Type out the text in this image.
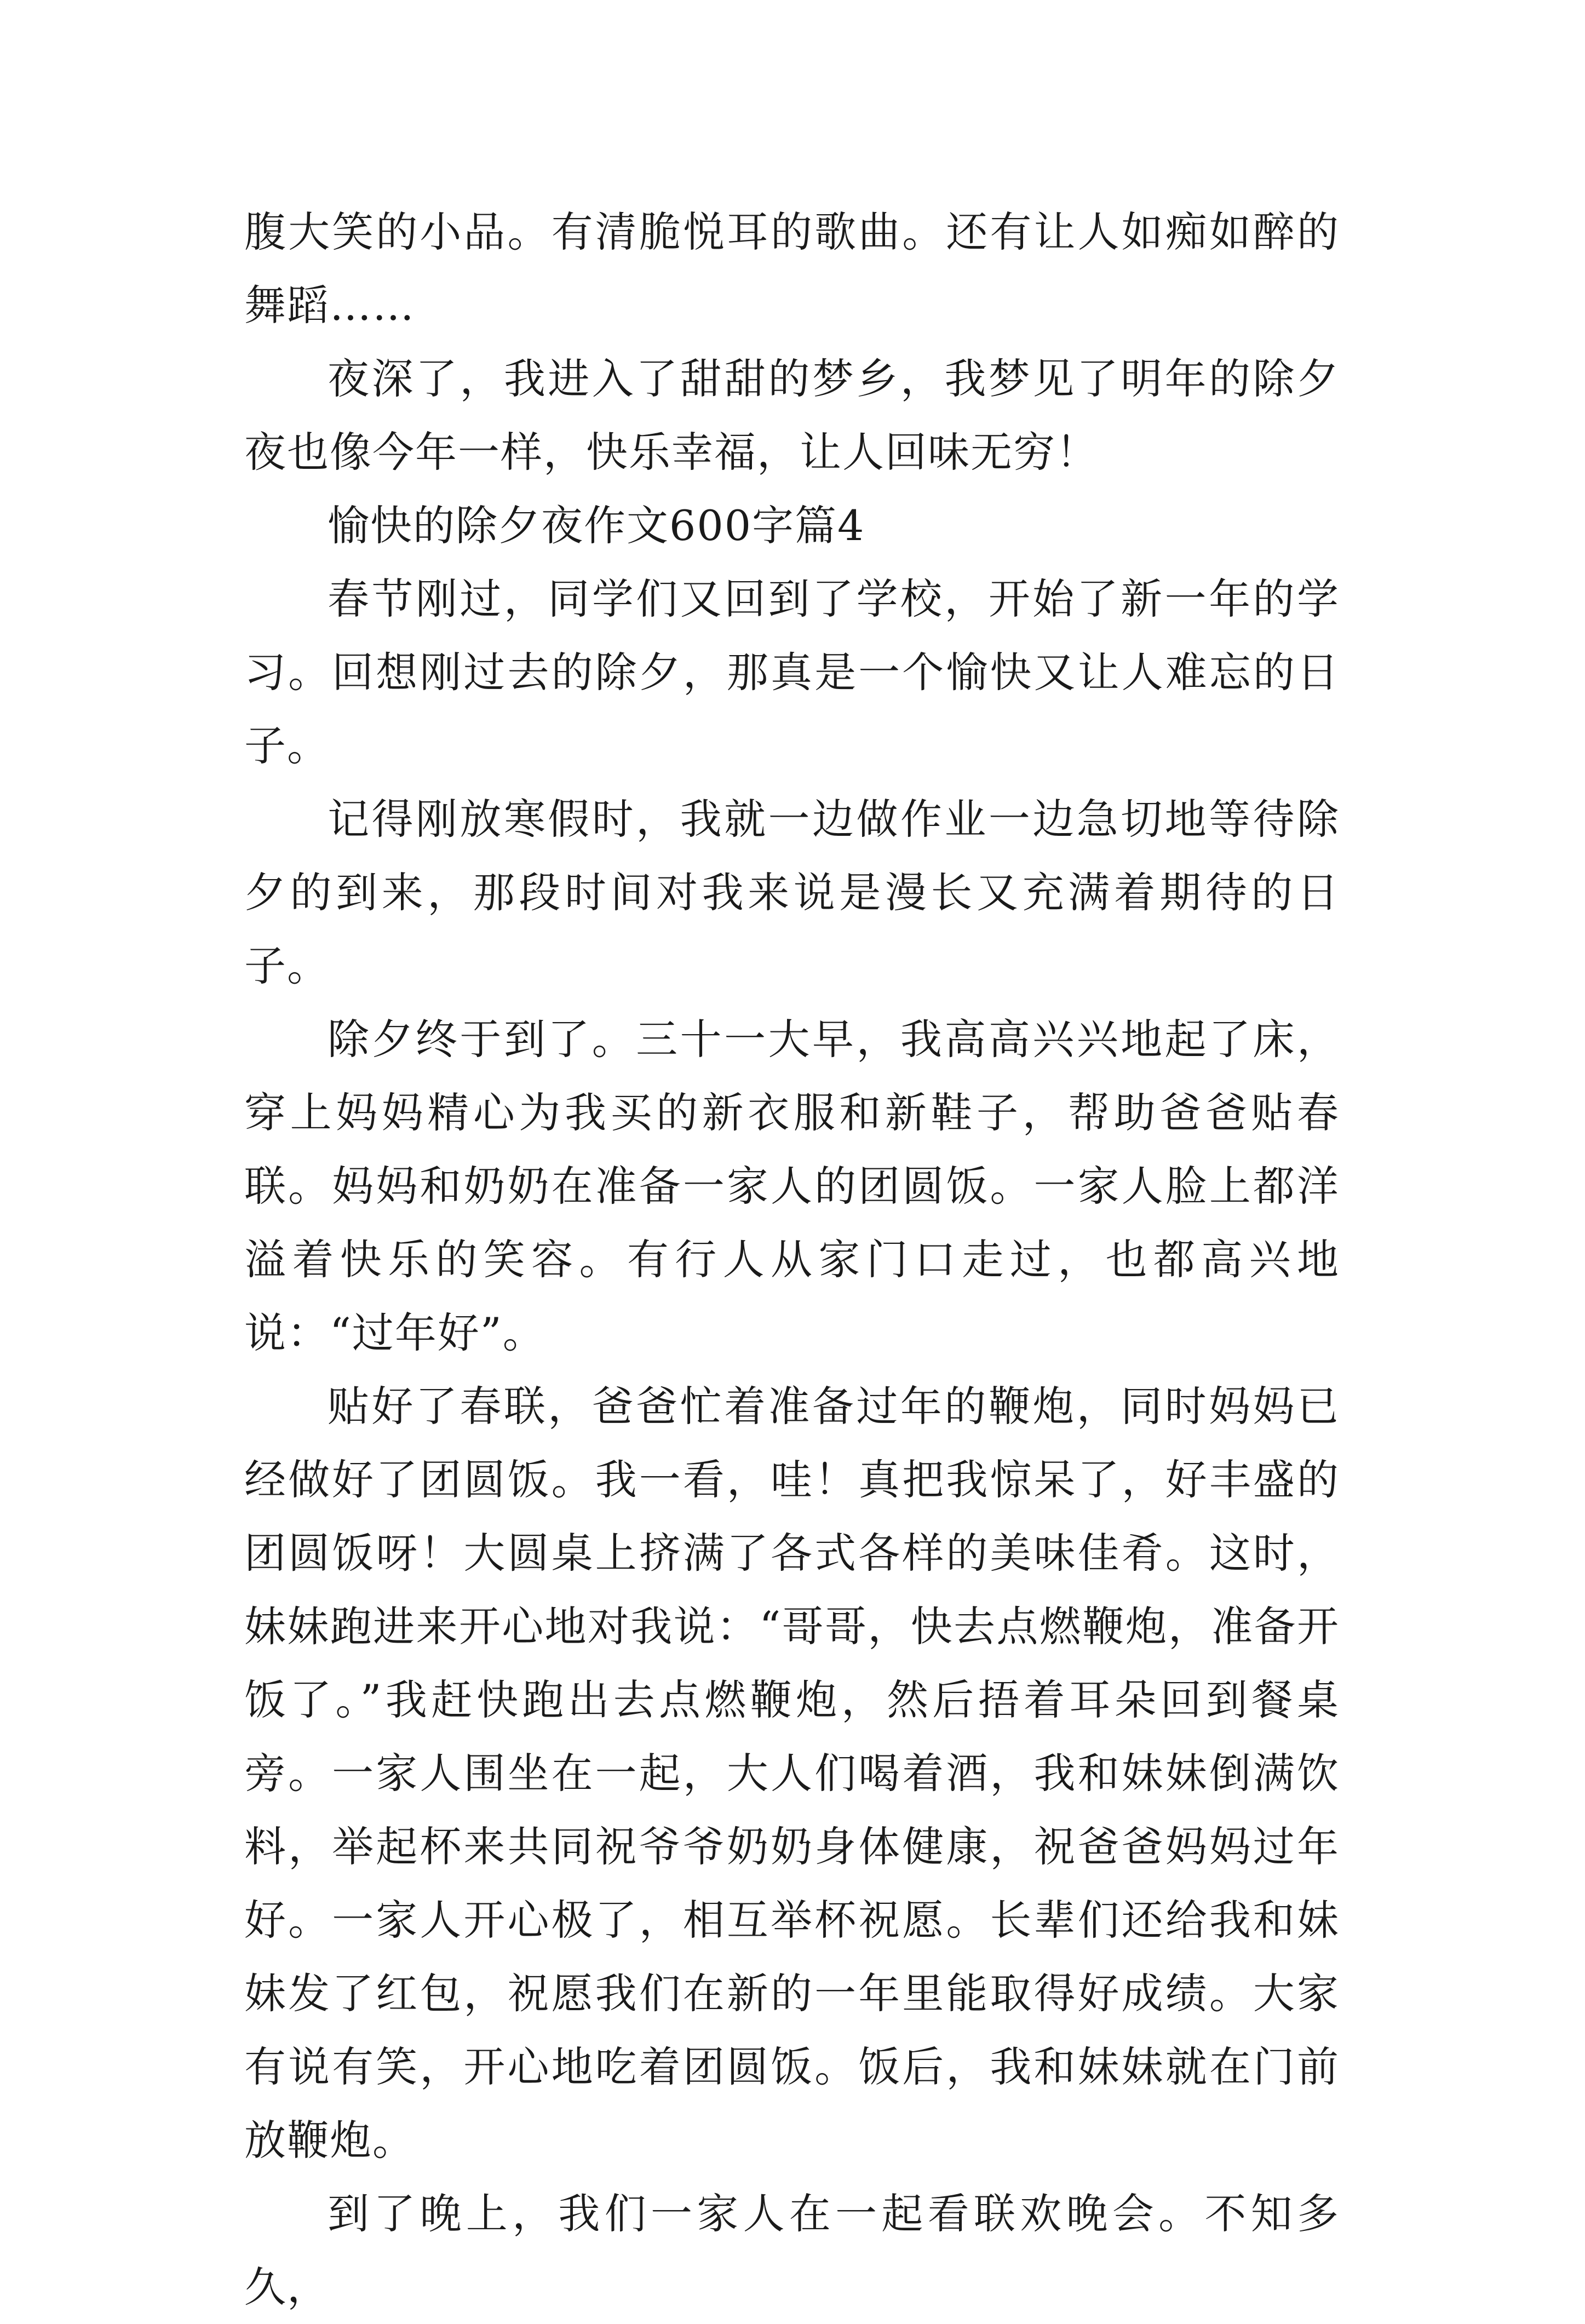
腹大笑的小品。有清脆悦耳的歌曲。还有让人如痴如醉的舞蹈……

夜深了，我进入了甜甜的梦乡，我梦见了明年的除夕夜也像今年一样，快乐幸福，让人回味无穷！

愉快的除夕夜作文600字篇4

春节刚过，同学们又回到了学校，开始了新一年的学习。回想刚过去的除夕，那真是一个愉快又让人难忘的日子。

记得刚放寒假时，我就一边做作业一边急切地等待除夕的到来，那段时间对我来说是漫长又充满着期待的日子。

除夕终于到了。三十一大早，我高高兴兴地起了床，穿上妈妈精心为我买的新衣服和新鞋子，帮助爸爸贴春联。妈妈和奶奶在准备一家人的团圆饭。一家人脸上都洋溢着快乐的笑容。有行人从家门口走过，也都高兴地说：“过年好”。

贴好了春联，爸爸忙着准备过年的鞭炮，同时妈妈已经做好了团圆饭。我一看，哇！真把我惊呆了，好丰盛的团圆饭呀！大圆桌上挤满了各式各样的美味佳肴。这时，妹妹跑进来开心地对我说：“哥哥，快去点燃鞭炮，准备开饭了。”我赶快跑出去点燃鞭炮，然后捂着耳朵回到餐桌旁。一家人围坐在一起，大人们喝着酒，我和妹妹倒满饮料，举起杯来共同祝爷爷奶奶身体健康，祝爸爸妈妈过年好。一家人开心极了，相互举杯祝愿。长辈们还给我和妹妹发了红包，祝愿我们在新的一年里能取得好成绩。大家有说有笑，开心地吃着团圆饭。饭后，我和妹妹就在门前放鞭炮。

到了晚上，我们一家人在一起看联欢晚会。不知多久，
